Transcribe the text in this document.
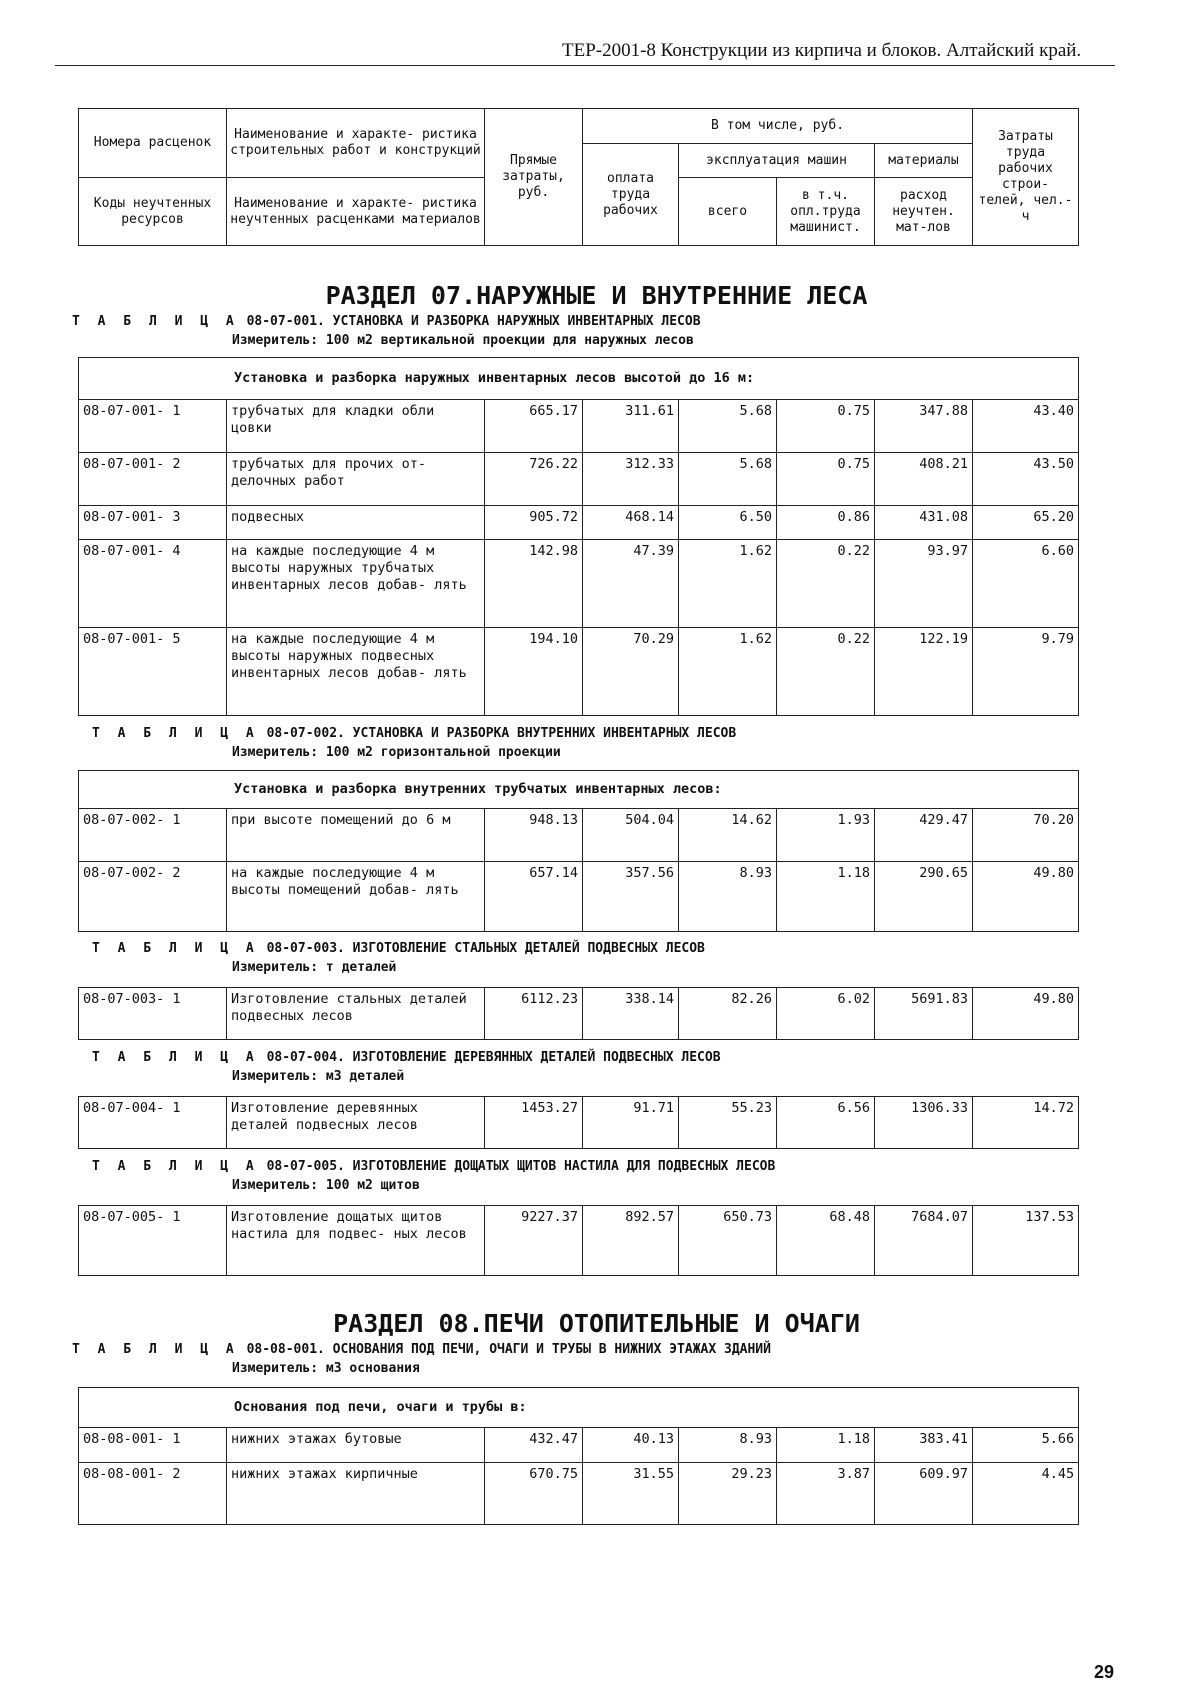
ТЕР-2001-8 Конструкции из кирпича и блоков. Алтайский край.
Номера расценок	Наименование и характе- ристика строительных работ и конструкций	Прямые затраты, руб.	В том числе, руб.				Затраты труда рабочих строи- телей, чел.-ч
			оплата труда рабочих	эксплуатация машин		материалы	
Коды неучтенных ресурсов	Наименование и характе- ристика неучтенных расценками материалов			всего	в т.ч. опл.труда машинист.	расход неучтен. мат-лов	

РАЗДЕЛ 07.НАРУЖНЫЕ И ВНУТРЕННИЕ ЛЕСА
Т А Б Л И Ц А 08-07-001. УСТАНОВКА И РАЗБОРКА НАРУЖНЫХ ИНВЕНТАРНЫХ ЛЕСОВ
Измеритель: 100 м2 вертикальной проекции для наружных лесов
Установка и разборка наружных инвентарных лесов высотой до 16 м:							
08-07-001- 1	трубчатых для кладки обли цовки	665.17	311.61	5.68	0.75	347.88	43.40
08-07-001- 2	трубчатых для прочих от- делочных работ	726.22	312.33	5.68	0.75	408.21	43.50
08-07-001- 3	подвесных	905.72	468.14	6.50	0.86	431.08	65.20
08-07-001- 4	на каждые последующие 4 м высоты наружных трубчатых инвентарных лесов добав- лять	142.98	47.39	1.62	0.22	93.97	6.60
08-07-001- 5	на каждые последующие 4 м высоты наружных подвесных инвентарных лесов добав- лять	194.10	70.29	1.62	0.22	122.19	9.79
Т А Б Л И Ц А 08-07-002. УСТАНОВКА И РАЗБОРКА ВНУТРЕННИХ ИНВЕНТАРНЫХ ЛЕСОВ
Измеритель: 100 м2 горизонтальной проекции
Установка и разборка внутренних трубчатых инвентарных лесов:							
08-07-002- 1	при высоте помещений до 6 м	948.13	504.04	14.62	1.93	429.47	70.20
08-07-002- 2	на каждые последующие 4 м высоты помещений добав- лять	657.14	357.56	8.93	1.18	290.65	49.80
Т А Б Л И Ц А 08-07-003. ИЗГОТОВЛЕНИЕ СТАЛЬНЫХ ДЕТАЛЕЙ ПОДВЕСНЫХ ЛЕСОВ
Измеритель: т деталей
08-07-003- 1	Изготовление стальных деталей подвесных лесов	6112.23	338.14	82.26	6.02	5691.83	49.80
Т А Б Л И Ц А 08-07-004. ИЗГОТОВЛЕНИЕ ДЕРЕВЯННЫХ ДЕТАЛЕЙ ПОДВЕСНЫХ ЛЕСОВ
Измеритель: м3 деталей
08-07-004- 1	Изготовление деревянных деталей подвесных лесов	1453.27	91.71	55.23	6.56	1306.33	14.72
Т А Б Л И Ц А 08-07-005. ИЗГОТОВЛЕНИЕ ДОЩАТЫХ ЩИТОВ НАСТИЛА ДЛЯ ПОДВЕСНЫХ ЛЕСОВ
Измеритель: 100 м2 щитов
08-07-005- 1	Изготовление дощатых щитов настила для подвес- ных лесов	9227.37	892.57	650.73	68.48	7684.07	137.53
РАЗДЕЛ 08.ПЕЧИ ОТОПИТЕЛЬНЫЕ И ОЧАГИ
Т А Б Л И Ц А 08-08-001. ОСНОВАНИЯ ПОД ПЕЧИ, ОЧАГИ И ТРУБЫ В НИЖНИХ ЭТАЖАХ ЗДАНИЙ
Измеритель: м3 основания
Основания под печи, очаги и трубы в:							
08-08-001- 1	нижних этажах бутовые	432.47	40.13	8.93	1.18	383.41	5.66
08-08-001- 2	нижних этажах кирпичные	670.75	31.55	29.23	3.87	609.97	4.45
29
